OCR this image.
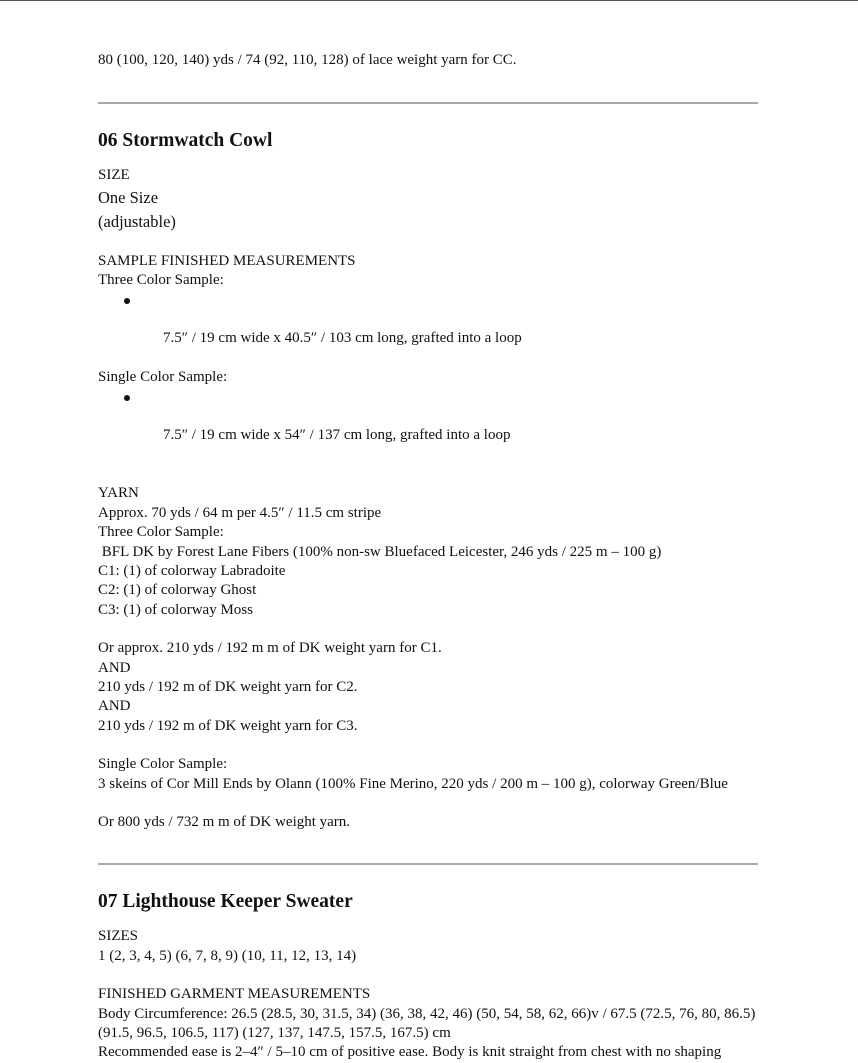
80 (100, 120, 140) yds / 74 (92, 110, 128) of lace weight yarn for CC.
06 Stormwatch Cowl
SIZE
One Size
(adjustable)
SAMPLE FINISHED MEASUREMENTS
Three Color Sample:

7.5″ / 19 cm wide x 40.5″ / 103 cm long, grafted into a loop

Single Color Sample:

7.5″ / 19 cm wide x 54″ / 137 cm long, grafted into a loop

YARN
Approx. 70 yds / 64 m per 4.5″ / 11.5 cm stripe
Three Color Sample:
BFL DK by Forest Lane Fibers (100% non-sw Bluefaced Leicester, 246 yds / 225 m – 100 g)
C1: (1) of colorway Labradoite
C2: (1) of colorway Ghost
C3: (1) of colorway Moss
Or approx. 210 yds / 192 m m of DK weight yarn for C1.
AND
210 yds / 192 m of DK weight yarn for C2.
AND
210 yds / 192 m of DK weight yarn for C3.
Single Color Sample:
3 skeins of Cor Mill Ends by Olann (100% Fine Merino, 220 yds / 200 m – 100 g), colorway Green/Blue
Or 800 yds / 732 m m of DK weight yarn.
07 Lighthouse Keeper Sweater
SIZES
1 (2, 3, 4, 5) (6, 7, 8, 9) (10, 11, 12, 13, 14)
FINISHED GARMENT MEASUREMENTS
Body Circumference: 26.5 (28.5, 30, 31.5, 34) (36, 38, 42, 46) (50, 54, 58, 62, 66)v / 67.5 (72.5, 76, 80, 86.5) (91.5, 96.5, 106.5, 117) (127, 137, 147.5, 157.5, 167.5) cm
Recommended ease is 2–4″ / 5–10 cm of positive ease. Body is knit straight from chest with no shaping
